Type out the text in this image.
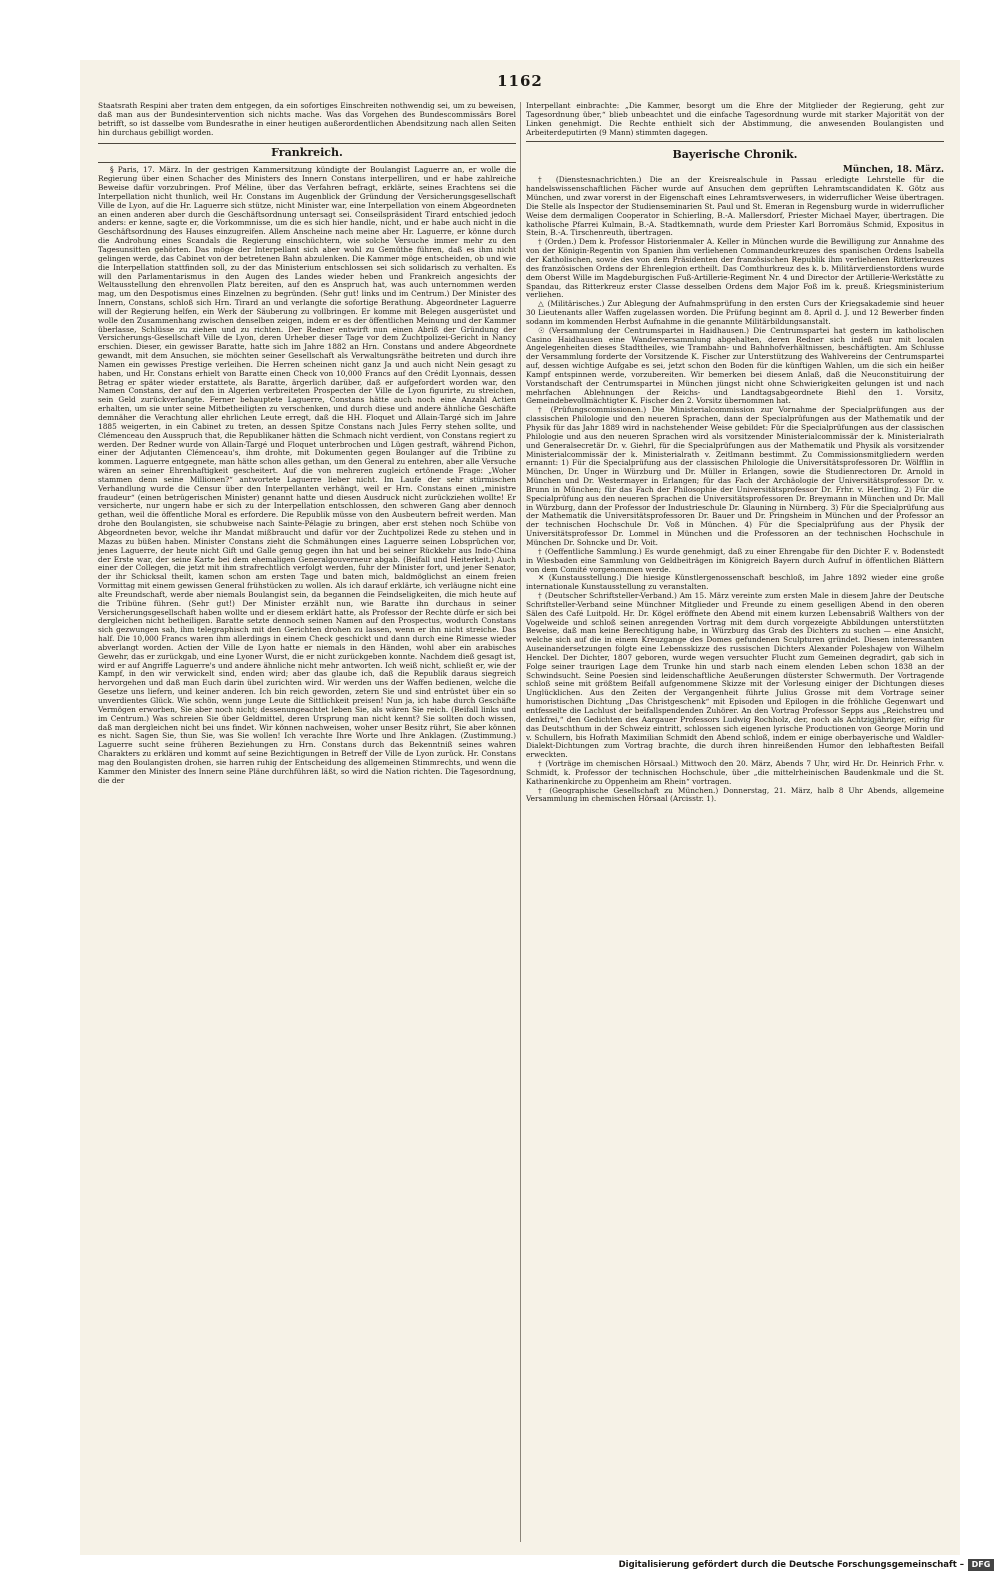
1162

Staatsrath Respini aber traten dem entgegen, da ein sofortiges Einschreiten nothwendig sei, um zu beweisen, daß man aus der Bundesintervention sich nichts mache. Was das Vorgehen des Bundescommissärs Borel betrifft, so ist dasselbe vom Bundesrathe in einer heutigen außerordentlichen Abendsitzung nach allen Seiten hin durchaus gebilligt worden.

Frankreich.

§ Paris, 17. März. In der gestrigen Kammersitzung kündigte der Boulangist Laguerre an, er wolle die Regierung über einen Schacher des Ministers des Innern Constans interpelliren, und er habe zahlreiche Beweise dafür vorzubringen. Prof Méline, über das Verfahren befragt, erklärte, seines Erachtens sei die Interpellation nicht thunlich, weil Hr. Constans im Augenblick der Gründung der Versicherungsgesellschaft Ville de Lyon, auf die Hr. Laguerre sich stütze, nicht Minister war, eine Interpellation von einem Abgeordneten an einen anderen aber durch die Geschäftsordnung untersagt sei. Conseilspräsident Tirard entschied jedoch anders: er kenne, sagte er, die Vorkommnisse, um die es sich hier handle, nicht, und er habe auch nicht in die Geschäftsordnung des Hauses einzugreifen. Allem Anscheine nach meine aber Hr. Laguerre, er könne durch die Androhung eines Scandals die Regierung einschüchtern, wie solche Versuche immer mehr zu den Tagesunsitten gehörten. Das möge der Interpellant sich aber wohl zu Gemüthe führen, daß es ihm nicht gelingen werde, das Cabinet von der betretenen Bahn abzulenken. Die Kammer möge entscheiden, ob und wie die Interpellation stattfinden soll, zu der das Ministerium entschlossen sei sich solidarisch zu verhalten. Es will den Parlamentarismus in den Augen des Landes wieder heben und Frankreich angesichts der Weltausstellung den ehrenvollen Platz bereiten, auf den es Anspruch hat, was auch unternommen werden mag, um den Despotismus eines Einzelnen zu begründen. (Sehr gut! links und im Centrum.) Der Minister des Innern, Constans, schloß sich Hrn. Tirard an und verlangte die sofortige Berathung. Abgeordneter Laguerre will der Regierung helfen, ein Werk der Säuberung zu vollbringen. Er komme mit Belegen ausgerüstet und wolle den Zusammenhang zwischen denselben zeigen, indem er es der öffentlichen Meinung und der Kammer überlasse, Schlüsse zu ziehen und zu richten. Der Redner entwirft nun einen Abriß der Gründung der Versicherungs-Gesellschaft Ville de Lyon, deren Urheber dieser Tage vor dem Zuchtpolizei-Gericht in Nancy erschien. Dieser, ein gewisser Baratte, hatte sich im Jahre 1882 an Hrn. Constans und andere Abgeordnete gewandt, mit dem Ansuchen, sie möchten seiner Gesellschaft als Verwaltungsräthe beitreten und durch ihre Namen ein gewisses Prestige verleihen. Die Herren scheinen nicht ganz Ja und auch nicht Nein gesagt zu haben, und Hr. Constans erhielt von Baratte einen Check von 10,000 Francs auf den Crédit Lyonnais, dessen Betrag er später wieder erstattete, als Baratte, ärgerlich darüber, daß er aufgefordert worden war, den Namen Constans, der auf den in Algerien verbreiteten Prospecten der Ville de Lyon figurirte, zu streichen, sein Geld zurückverlangte. Ferner behauptete Laguerre, Constans hätte auch noch eine Anzahl Actien erhalten, um sie unter seine Mitbetheiligten zu verschenken, und durch diese und andere ähnliche Geschäfte demnäher die Verachtung aller ehrlichen Leute erregt, daß die HH. Floquet und Allain-Targé sich im Jahre 1885 weigerten, in ein Cabinet zu treten, an dessen Spitze Constans nach Jules Ferry stehen sollte, und Clémenceau den Ausspruch that, die Republikaner hätten die Schmach nicht verdient, von Constans regiert zu werden. Der Redner wurde von Allain-Targé und Floquet unterbrochen und Lügen gestraft, während Pichon, einer der Adjutanten Clémenceau's, ihm drohte, mit Dokumenten gegen Boulanger auf die Tribüne zu kommen. Laguerre entgegnete, man hätte schon alles gethan, um den General zu entehren, aber alle Versuche wären an seiner Ehrenhaftigkeit gescheitert. Auf die von mehreren zugleich ertönende Frage: „Woher stammen denn seine Millionen?“ antwortete Laguerre lieber nicht. Im Laufe der sehr stürmischen Verhandlung wurde die Censur über den Interpellanten verhängt, weil er Hrn. Constans einen „ministre fraudeur“ (einen betrügerischen Minister) genannt hatte und diesen Ausdruck nicht zurückziehen wollte! Er versicherte, nur ungern habe er sich zu der Interpellation entschlossen, den schweren Gang aber dennoch gethan, weil die öffentliche Moral es erfordere. Die Republik müsse von den Ausbeutern befreit werden. Man drohe den Boulangisten, sie schubweise nach Sainte-Pélagie zu bringen, aber erst stehen noch Schübe von Abgeordneten bevor, welche ihr Mandat mißbraucht und dafür vor der Zuchtpolizei Rede zu stehen und in Mazas zu büßen haben. Minister Constans zieht die Schmähungen eines Laguerre seinen Lobsprüchen vor, jenes Laguerre, der heute nicht Gift und Galle genug gegen ihn hat und bei seiner Rückkehr aus Indo-China der Erste war, der seine Karte bei dem ehemaligen Generalgouverneur abgab. (Beifall und Heiterkeit.) Auch einer der Collegen, die jetzt mit ihm strafrechtlich verfolgt werden, fuhr der Minister fort, und jener Senator, der ihr Schicksal theilt, kamen schon am ersten Tage und baten mich, baldmöglichst an einem freien Vormittag mit einem gewissen General frühstücken zu wollen. Als ich darauf erklärte, ich verläugne nicht eine alte Freundschaft, werde aber niemals Boulangist sein, da begannen die Feindseligkeiten, die mich heute auf die Tribüne führen. (Sehr gut!) Der Minister erzählt nun, wie Baratte ihn durchaus in seiner Versicherungsgesellschaft haben wollte und er diesem erklärt hatte, als Professor der Rechte dürfe er sich bei dergleichen nicht betheiligen. Baratte setzte dennoch seinen Namen auf den Prospectus, wodurch Constans sich gezwungen sah, ihm telegraphisch mit den Gerichten drohen zu lassen, wenn er ihn nicht streiche. Das half. Die 10,000 Francs waren ihm allerdings in einem Check geschickt und dann durch eine Rimesse wieder abverlangt worden. Actien der Ville de Lyon hatte er niemals in den Händen, wohl aber ein arabisches Gewehr, das er zurückgab, und eine Lyoner Wurst, die er nicht zurückgeben konnte. Nachdem dieß gesagt ist, wird er auf Angriffe Laguerre's und andere ähnliche nicht mehr antworten. Ich weiß nicht, schließt er, wie der Kampf, in den wir verwickelt sind, enden wird; aber das glaube ich, daß die Republik daraus siegreich hervorgehen und daß man Euch darin übel zurichten wird. Wir werden uns der Waffen bedienen, welche die Gesetze uns liefern, und keiner anderen. Ich bin reich geworden, zetern Sie und sind entrüstet über ein so unverdientes Glück. Wie schön, wenn junge Leute die Sittlichkeit preisen! Nun ja, ich habe durch Geschäfte Vermögen erworben, Sie aber noch nicht; dessenungeachtet leben Sie, als wären Sie reich. (Beifall links und im Centrum.) Was schreien Sie über Geldmittel, deren Ursprung man nicht kennt? Sie sollten doch wissen, daß man dergleichen nicht bei uns findet. Wir können nachweisen, woher unser Besitz rührt, Sie aber können es nicht. Sagen Sie, thun Sie, was Sie wollen! Ich verachte Ihre Worte und Ihre Anklagen. (Zustimmung.) Laguerre sucht seine früheren Beziehungen zu Hrn. Constans durch das Bekenntniß seines wahren Charakters zu erklären und kommt auf seine Bezichtigungen in Betreff der Ville de Lyon zurück. Hr. Constans mag den Boulangisten drohen, sie harren ruhig der Entscheidung des allgemeinen Stimmrechts, und wenn die Kammer den Minister des Innern seine Pläne durchführen läßt, so wird die Nation richten. Die Tagesordnung, die der

Interpellant einbrachte: „Die Kammer, besorgt um die Ehre der Mitglieder der Regierung, geht zur Tagesordnung über,“ blieb unbeachtet und die einfache Tagesordnung wurde mit starker Majorität von der Linken genehmigt. Die Rechte enthielt sich der Abstimmung, die anwesenden Boulangisten und Arbeiterdeputirten (9 Mann) stimmten dagegen.

Bayerische Chronik.
München, 18. März.

† (Dienstesnachrichten.) Die an der Kreisrealschule in Passau erledigte Lehrstelle für die handelswissenschaftlichen Fächer wurde auf Ansuchen dem geprüften Lehramtscandidaten K. Götz aus München, und zwar vorerst in der Eigenschaft eines Lehramtsverwesers, in widerruflicher Weise übertragen. Die Stelle als Inspector der Studienseminarien St. Paul und St. Emeran in Regensburg wurde in widerruflicher Weise dem dermaligen Cooperator in Schierling, B.-A. Mallersdorf, Priester Michael Mayer, übertragen. Die katholische Pfarrei Kulmain, B.-A. Stadtkemnath, wurde dem Priester Karl Borromäus Schmid, Expositus in Stein, B.-A. Tirschenreuth, übertragen.

† (Orden.) Dem k. Professor Historienmaler A. Keller in München wurde die Bewilligung zur Annahme des von der Königin-Regentin von Spanien ihm verliehenen Commandeurkreuzes des spanischen Ordens Isabella der Katholischen, sowie des von dem Präsidenten der französischen Republik ihm verliehenen Ritterkreuzes des französischen Ordens der Ehrenlegion ertheilt. Das Comthurkreuz des k. b. Militärverdienstordens wurde dem Oberst Wille im Magdeburgischen Fuß-Artillerie-Regiment Nr. 4 und Director der Artillerie-Werkstätte zu Spandau, das Ritterkreuz erster Classe desselben Ordens dem Major Foß im k. preuß. Kriegsministerium verliehen.

△ (Militärisches.) Zur Ablegung der Aufnahmsprüfung in den ersten Curs der Kriegsakademie sind heuer 30 Lieutenants aller Waffen zugelassen worden. Die Prüfung beginnt am 8. April d. J. und 12 Bewerber finden sodann im kommenden Herbst Aufnahme in die genannte Militärbildungsanstalt.

☉ (Versammlung der Centrumspartei in Haidhausen.) Die Centrumspartei hat gestern im katholischen Casino Haidhausen eine Wanderversammlung abgehalten, deren Redner sich indeß nur mit localen Angelegenheiten dieses Stadttheiles, wie Trambahn- und Bahnhofverhältnissen, beschäftigten. Am Schlusse der Versammlung forderte der Vorsitzende K. Fischer zur Unterstützung des Wahlvereins der Centrumspartei auf, dessen wichtige Aufgabe es sei, jetzt schon den Boden für die künftigen Wahlen, um die sich ein heißer Kampf entspinnen werde, vorzubereiten. Wir bemerken bei diesem Anlaß, daß die Neuconstituirung der Vorstandschaft der Centrumspartei in München jüngst nicht ohne Schwierigkeiten gelungen ist und nach mehrfachen Ablehnungen der Reichs- und Landtagsabgeordnete Biehl den 1. Vorsitz, Gemeindebevollmächtigter K. Fischer den 2. Vorsitz übernommen hat.

† (Prüfungscommissionen.) Die Ministerialcommission zur Vornahme der Specialprüfungen aus der classischen Philologie und den neueren Sprachen, dann der Specialprüfungen aus der Mathematik und der Physik für das Jahr 1889 wird in nachstehender Weise gebildet: Für die Specialprüfungen aus der classischen Philologie und aus den neueren Sprachen wird als vorsitzender Ministerialcommissär der k. Ministerialrath und Generalsecretär Dr. v. Giehrl, für die Specialprüfungen aus der Mathematik und Physik als vorsitzender Ministerialcommissär der k. Ministerialrath v. Zeitlmann bestimmt. Zu Commissionsmitgliedern werden ernannt: 1) Für die Specialprüfung aus der classischen Philologie die Universitätsprofessoren Dr. Wölfflin in München, Dr. Unger in Würzburg und Dr. Müller in Erlangen, sowie die Studienrectoren Dr. Arnold in München und Dr. Westermayer in Erlangen; für das Fach der Archäologie der Universitätsprofessor Dr. v. Brunn in München; für das Fach der Philosophie der Universitätsprofessor Dr. Frhr. v. Hertling. 2) Für die Specialprüfung aus den neueren Sprachen die Universitätsprofessoren Dr. Breymann in München und Dr. Mall in Würzburg, dann der Professor der Industrieschule Dr. Glauning in Nürnberg. 3) Für die Specialprüfung aus der Mathematik die Universitätsprofessoren Dr. Bauer und Dr. Pringsheim in München und der Professor an der technischen Hochschule Dr. Voß in München. 4) Für die Specialprüfung aus der Physik der Universitätsprofessor Dr. Lommel in München und die Professoren an der technischen Hochschule in München Dr. Sohncke und Dr. Voit.

† (Oeffentliche Sammlung.) Es wurde genehmigt, daß zu einer Ehrengabe für den Dichter F. v. Bodenstedt in Wiesbaden eine Sammlung von Geldbeiträgen im Königreich Bayern durch Aufruf in öffentlichen Blättern von dem Comité vorgenommen werde.

✕ (Kunstausstellung.) Die hiesige Künstlergenossenschaft beschloß, im Jahre 1892 wieder eine große internationale Kunstausstellung zu veranstalten.

† (Deutscher Schriftsteller-Verband.) Am 15. März vereinte zum ersten Male in diesem Jahre der Deutsche Schriftsteller-Verband seine Münchner Mitglieder und Freunde zu einem geselligen Abend in den oberen Sälen des Café Luitpold. Hr. Dr. Kögel eröffnete den Abend mit einem kurzen Lebensabriß Walthers von der Vogelweide und schloß seinen anregenden Vortrag mit dem durch vorgezeigte Abbildungen unterstützten Beweise, daß man keine Berechtigung habe, in Würzburg das Grab des Dichters zu suchen — eine Ansicht, welche sich auf die in einem Kreuzgange des Domes gefundenen Sculpturen gründet. Diesen interessanten Auseinandersetzungen folgte eine Lebensskizze des russischen Dichters Alexander Poleshajew von Wilhelm Henckel. Der Dichter, 1807 geboren, wurde wegen versuchter Flucht zum Gemeinen degradirt, gab sich in Folge seiner traurigen Lage dem Trunke hin und starb nach einem elenden Leben schon 1838 an der Schwindsucht. Seine Poesien sind leidenschaftliche Aeußerungen düsterster Schwermuth. Der Vortragende schloß seine mit größtem Beifall aufgenommene Skizze mit der Vorlesung einiger der Dichtungen dieses Unglücklichen. Aus den Zeiten der Vergangenheit führte Julius Grosse mit dem Vortrage seiner humoristischen Dichtung „Das Christgeschenk“ mit Episoden und Epilogen in die fröhliche Gegenwart und entfesselte die Lachlust der beifallspendenden Zuhörer. An den Vortrag Professor Sepps aus „Reichstreu und denkfrei,“ den Gedichten des Aargauer Professors Ludwig Rochholz, der, noch als Achtzigjähriger, eifrig für das Deutschthum in der Schweiz eintritt, schlossen sich eigenen lyrische Productionen von George Morin und v. Schullern, bis Hofrath Maximilian Schmidt den Abend schloß, indem er einige oberbayerische und Waldler-Dialekt-Dichtungen zum Vortrag brachte, die durch ihren hinreißenden Humor den lebhaftesten Beifall erweckten.

† (Vorträge im chemischen Hörsaal.) Mittwoch den 20. März, Abends 7 Uhr, wird Hr. Dr. Heinrich Frhr. v. Schmidt, k. Professor der technischen Hochschule, über „die mittelrheinischen Baudenkmale und die St. Katharinenkirche zu Oppenheim am Rhein“ vortragen.

† (Geographische Gesellschaft zu München.) Donnerstag, 21. März, halb 8 Uhr Abends, allgemeine Versammlung im chemischen Hörsaal (Arcisstr. 1).

Digitalisierung gefördert durch die Deutsche Forschungsgemeinschaft – DFG
